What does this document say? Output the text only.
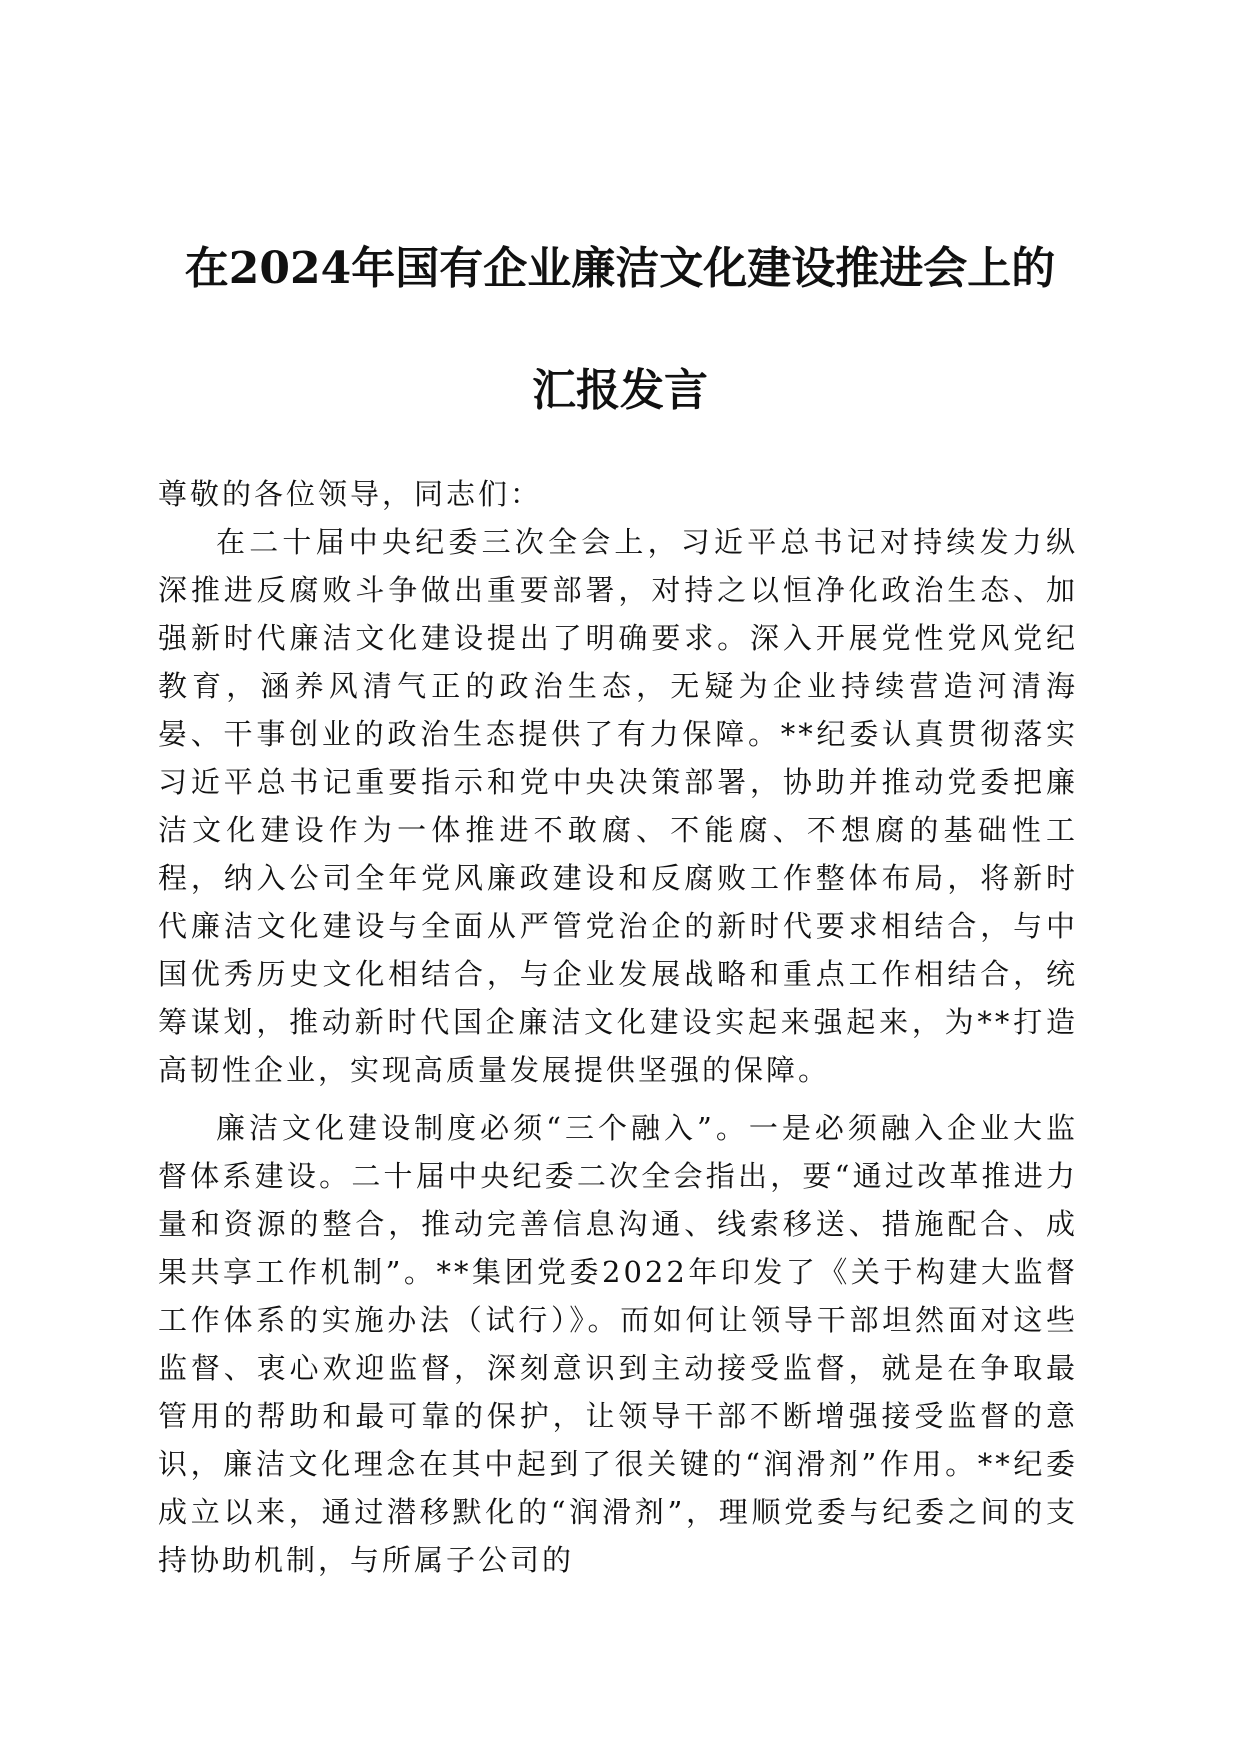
在2024年国有企业廉洁文化建设推进会上的
汇报发言

尊敬的各位领导，同志们：

在二十届中央纪委三次全会上，习近平总书记对持续发力纵深推进反腐败斗争做出重要部署，对持之以恒净化政治生态、加强新时代廉洁文化建设提出了明确要求。深入开展党性党风党纪教育，涵养风清气正的政治生态，无疑为企业持续营造河清海晏、干事创业的政治生态提供了有力保障。**纪委认真贯彻落实习近平总书记重要指示和党中央决策部署，协助并推动党委把廉洁文化建设作为一体推进不敢腐、不能腐、不想腐的基础性工程，纳入公司全年党风廉政建设和反腐败工作整体布局，将新时代廉洁文化建设与全面从严管党治企的新时代要求相结合，与中国优秀历史文化相结合，与企业发展战略和重点工作相结合，统筹谋划，推动新时代国企廉洁文化建设实起来强起来，为**打造高韧性企业，实现高质量发展提供坚强的保障。

廉洁文化建设制度必须“三个融入”。一是必须融入企业大监督体系建设。二十届中央纪委二次全会指出，要“通过改革推进力量和资源的整合，推动完善信息沟通、线索移送、措施配合、成果共享工作机制”。**集团党委2022年印发了《关于构建大监督工作体系的实施办法（试行）》。而如何让领导干部坦然面对这些监督、衷心欢迎监督，深刻意识到主动接受监督，就是在争取最管用的帮助和最可靠的保护，让领导干部不断增强接受监督的意识，廉洁文化理念在其中起到了很关键的“润滑剂”作用。**纪委成立以来，通过潜移默化的“润滑剂”，理顺党委与纪委之间的支持协助机制，与所属子公司的
